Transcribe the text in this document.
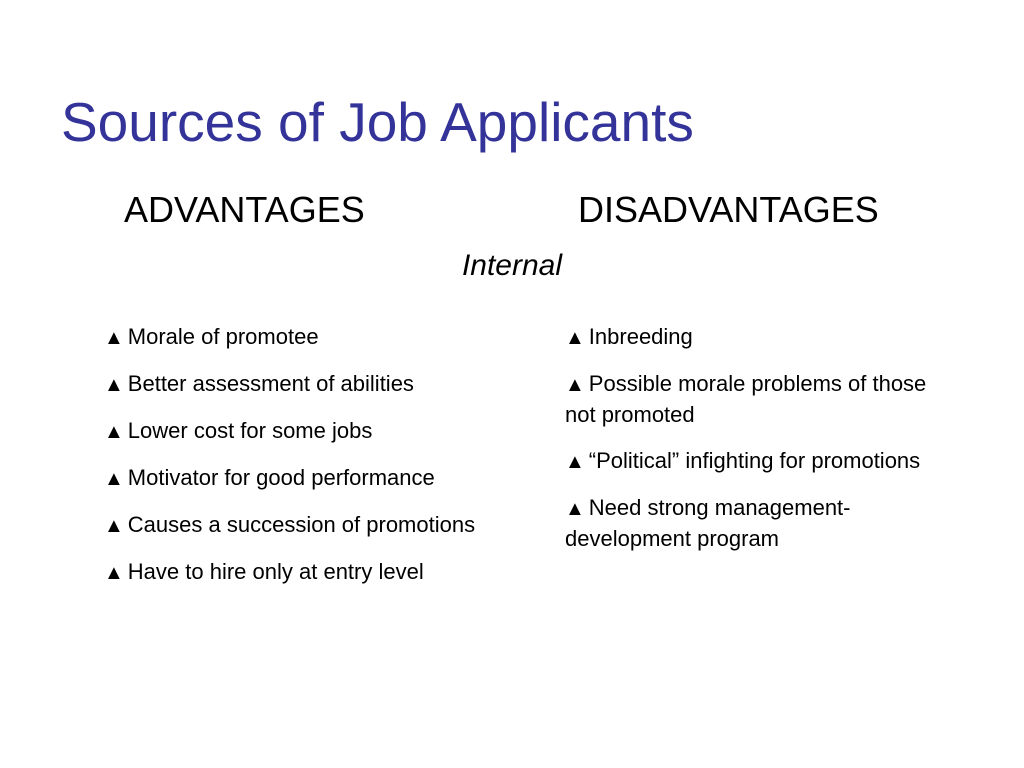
Sources of Job Applicants
ADVANTAGES	DISADVANTAGES
Internal
▲ Morale of promotee
▲ Better assessment of abilities
▲ Lower cost for some jobs
▲ Motivator for good performance
▲ Causes a succession of promotions
▲ Have to hire only at entry level
▲ Inbreeding
▲ Possible morale problems of those not promoted
▲ “Political” infighting for promotions
▲ Need strong management-development program
